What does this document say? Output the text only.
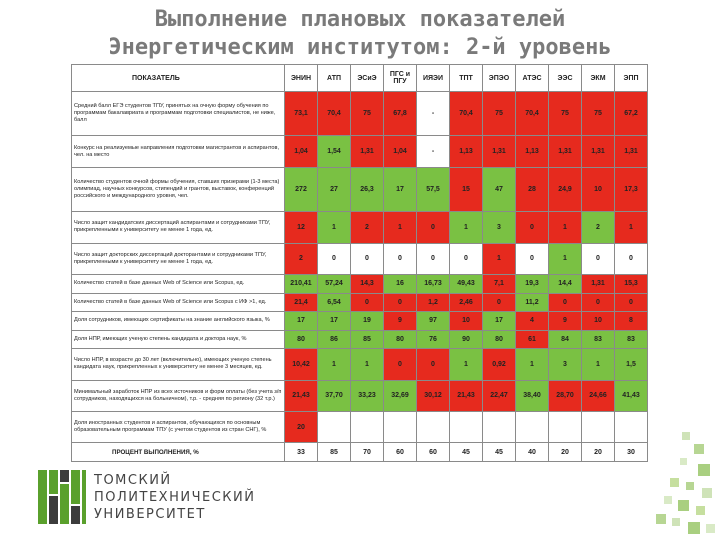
Выполнение плановых показателей
Энергетическим институтом: 2-й уровень
ПОКАЗАТЕЛЬ	ЭНИН	АТП	ЭСиЭ	ПГС и ПГУ	ИЯЭИ	ТПТ	ЭПЭО	АТЭС	ЭЭС	ЭКМ	ЭПП
Средний балл ЕГЭ студентов ТПУ, принятых на очную форму обучения по программам бакалавриата и программам подготовки специалистов, не ниже, балл	73,1	70,4	75	67,8	-	70,4	75	70,4	75	75	67,2
Конкурс на реализуемые направления подготовки магистрантов и аспирантов, чел. на место	1,04	1,54	1,31	1,04	-	1,13	1,31	1,13	1,31	1,31	1,31
Количество студентов очной формы обучения, ставших призерами (1-3 места) олимпиад, научных конкурсов, стипендий и грантов, выставок, конференций российского и международного уровня, чел.	272	27	26,3	17	57,5	15	47	28	24,9	10	17,3
Число защит кандидатских диссертаций аспирантами и сотрудниками ТПУ, прикрепленными к университету не менее 1 года, ед.	12	1	2	1	0	1	3	0	1	2	1
Число защит докторских диссертаций докторантами и сотрудниками ТПУ, прикрепленными к университету не менее 1 года, ед.	2	0	0	0	0	0	1	0	1	0	0
Количество статей в базе данных Web of Science или Scopus, ед.	210,41	57,24	14,3	16	16,73	49,43	7,1	19,3	14,4	1,31	15,3
Количество статей в базе данных Web of Science или Scopus с ИФ >1, ед.	21,4	6,54	0	0	1,2	2,46	0	11,2	0	0	0
Доля сотрудников, имеющих сертификаты на знание английского языка, %	17	17	19	9	97	10	17	4	9	10	8
Доля НПР, имеющих ученую степень кандидата и доктора наук, %	80	86	85	80	76	90	80	61	84	83	83
Число НПР, в возрасте до 30 лет (включительно), имеющих ученую степень кандидата наук, прикрепленных к университету не менее 3 месяцев, ед.	10,42	1	1	0	0	1	0,92	1	3	1	1,5
Минимальный заработок НПР из всех источников и форм оплаты (без учета з/п сотрудников, находящихся на больничном), т.р. - средняя по региону (32 т.р.)	21,43	37,70	33,23	32,69	30,12	21,43	22,47	38,40	28,70	24,66	41,43
Доля иностранных студентов и аспирантов, обучающихся по основным образовательным программам ТПУ (с учетом студентов из стран СНГ), %	20										
ПРОЦЕНТ ВЫПОЛНЕНИЯ, %	33	85	70	60	60	45	45	40	20	20	30
ТОМСКИЙ
ПОЛИТЕХНИЧЕСКИЙ
УНИВЕРСИТЕТ
